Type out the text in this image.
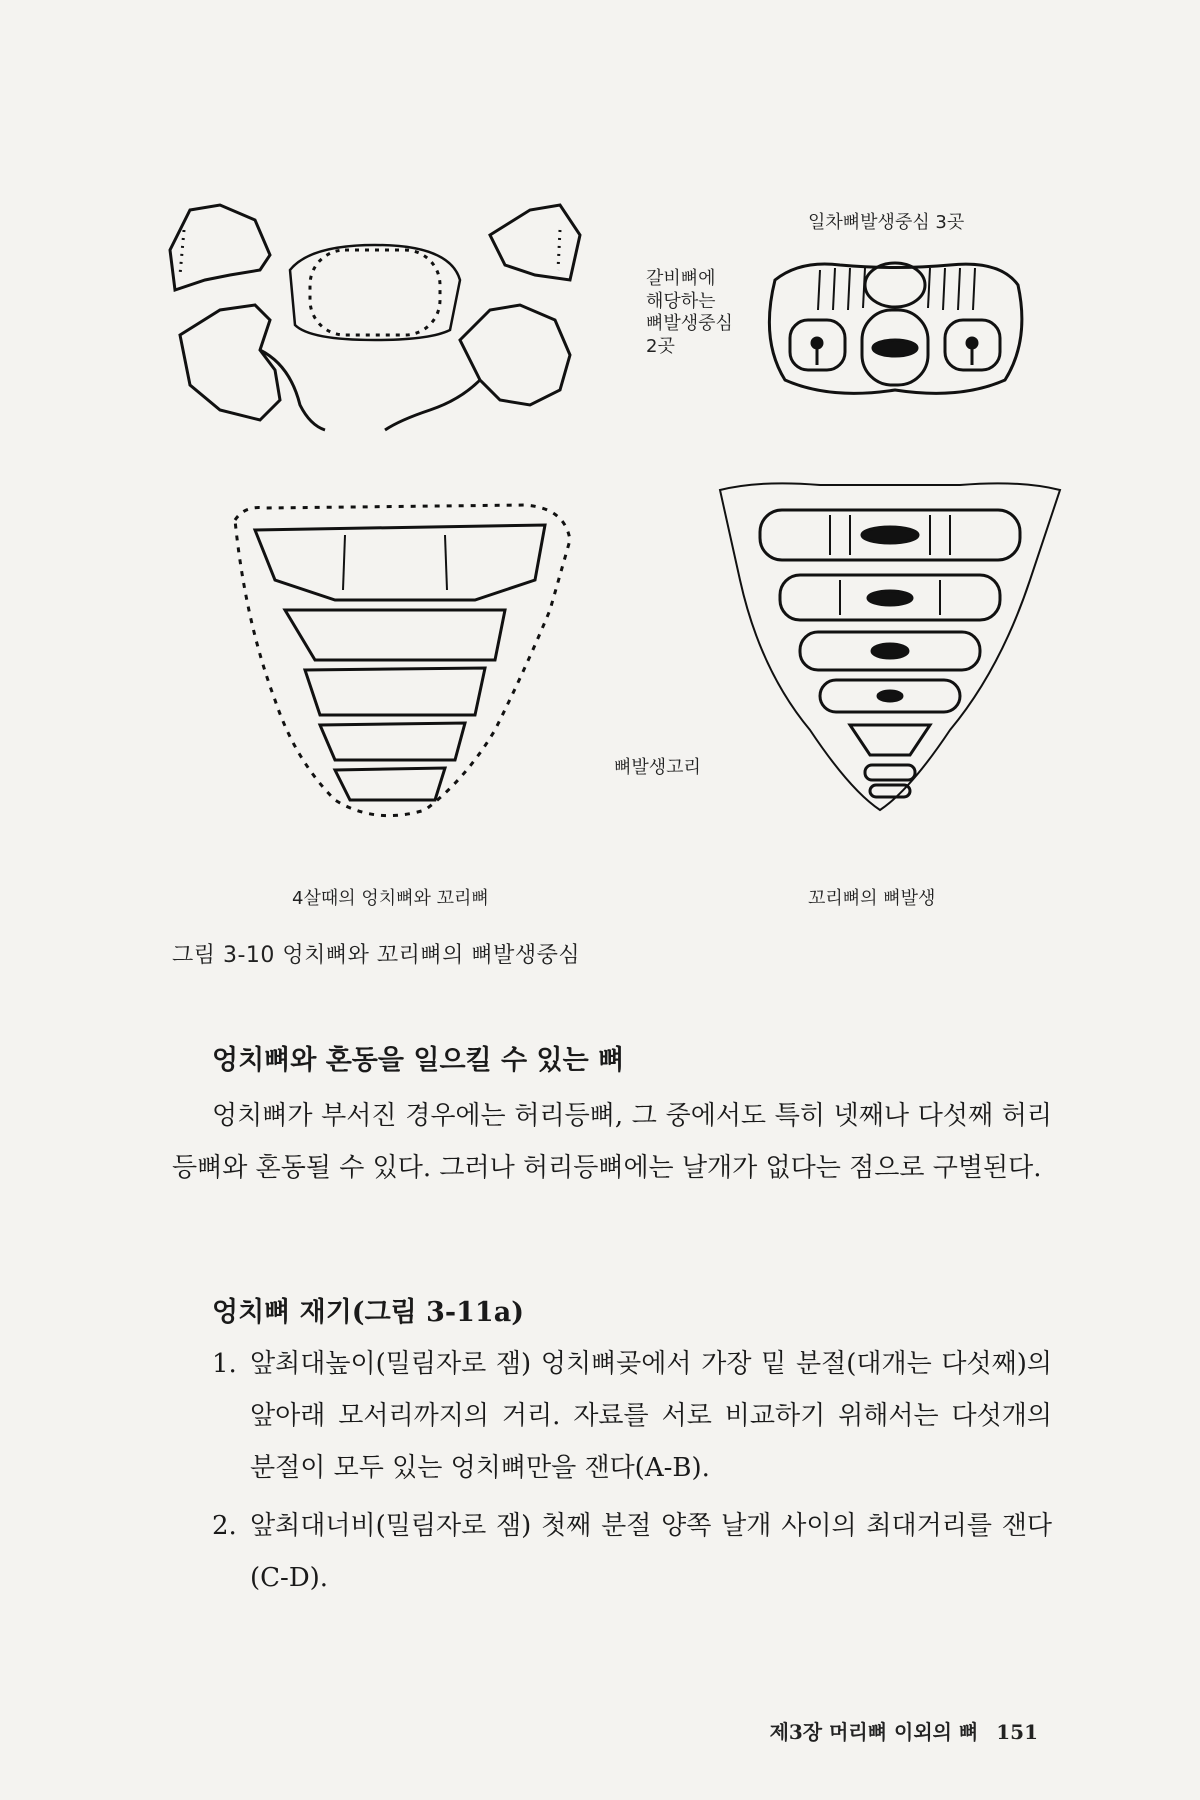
일차뼈발생중심 3곳
갈비뼈에
해당하는
뼈발생중심
2곳
뼈발생고리
4살때의 엉치뼈와 꼬리뼈	꼬리뼈의 뼈발생
그림 3-10 엉치뼈와 꼬리뼈의 뼈발생중심
엉치뼈와 혼동을 일으킬 수 있는 뼈
엉치뼈가 부서진 경우에는 허리등뼈, 그 중에서도 특히 넷째나 다섯째 허리등뼈와 혼동될 수 있다. 그러나 허리등뼈에는 날개가 없다는 점으로 구별된다.
엉치뼈 재기(그림 3-11a)
1. 앞최대높이(밀림자로 잼) 엉치뼈곶에서 가장 밑 분절(대개는 다섯째)의 앞아래 모서리까지의 거리. 자료를 서로 비교하기 위해서는 다섯개의 분절이 모두 있는 엉치뼈만을 잰다(A-B).
2. 앞최대너비(밀림자로 잼) 첫째 분절 양쪽 날개 사이의 최대거리를 잰다(C-D).
제3장 머리뼈 이외의 뼈 151
